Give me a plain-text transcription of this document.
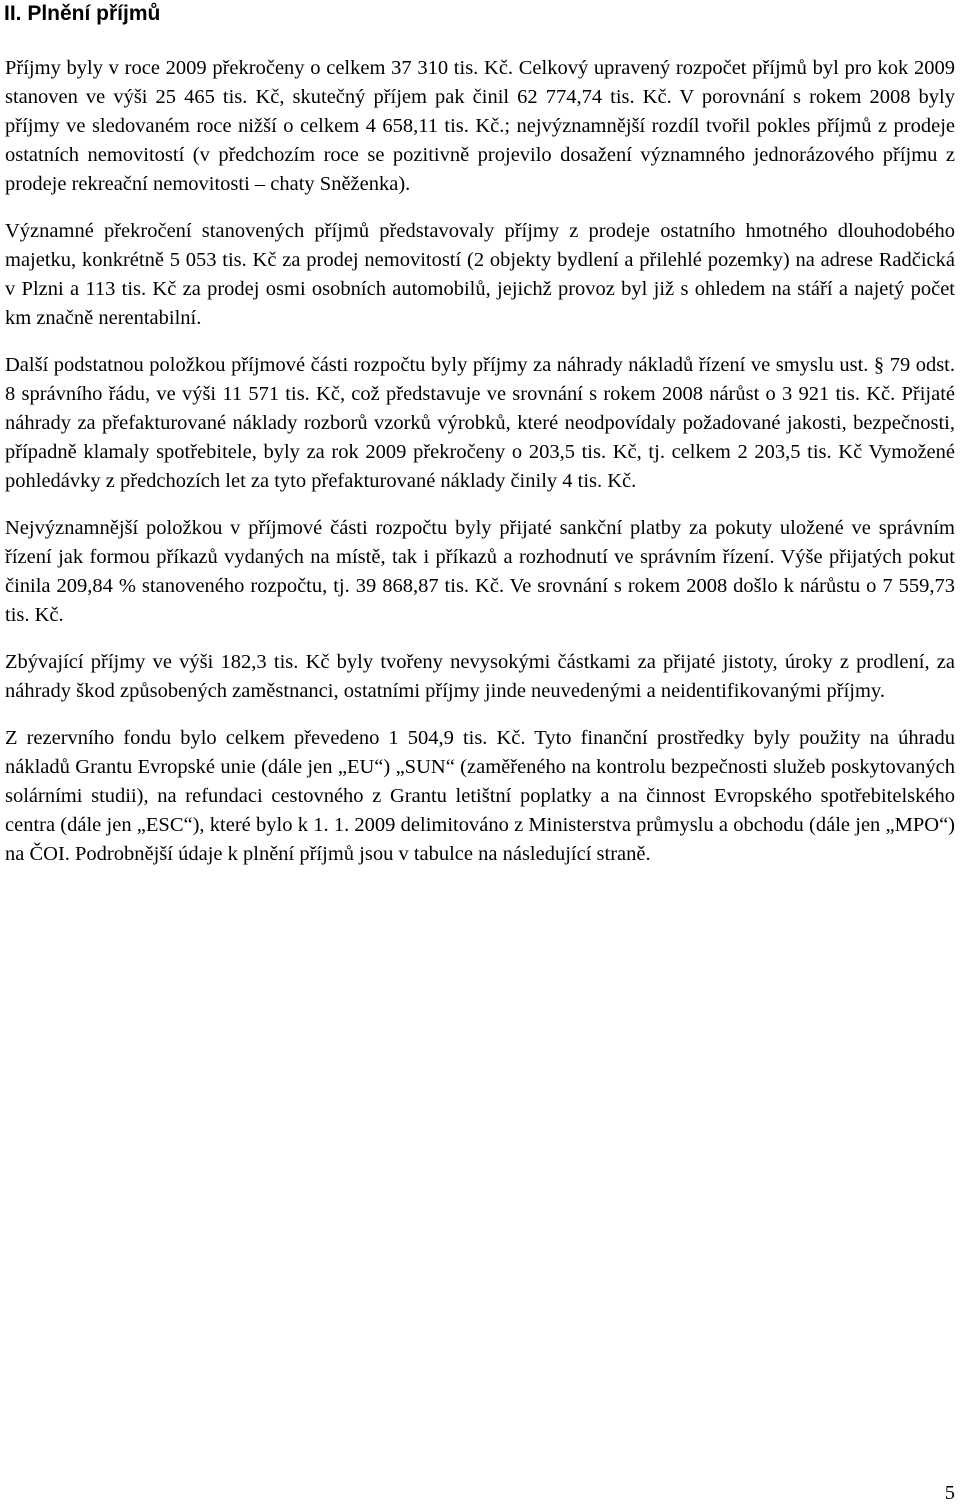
II. Plnění příjmů

Příjmy byly v roce 2009 překročeny o celkem 37 310 tis. Kč. Celkový upravený rozpočet příjmů byl pro kok 2009 stanoven ve výši 25 465 tis. Kč, skutečný příjem pak činil 62 774,74 tis. Kč. V porovnání s rokem 2008 byly příjmy ve sledovaném roce nižší o celkem 4 658,11 tis. Kč.; nejvýznamnější rozdíl tvořil pokles příjmů z prodeje ostatních nemovitostí (v předchozím roce se pozitivně projevilo dosažení významného jednorázového příjmu z prodeje rekreační nemovitosti – chaty Sněženka).

Významné překročení stanovených příjmů představovaly příjmy z prodeje ostatního hmotného dlouhodobého majetku, konkrétně 5 053 tis. Kč za prodej nemovitostí (2 objekty bydlení a přilehlé pozemky) na adrese Radčická v Plzni a 113 tis. Kč za prodej osmi osobních automobilů, jejichž provoz byl již s ohledem na stáří a najetý počet km značně nerentabilní.

Další podstatnou položkou příjmové části rozpočtu byly příjmy za náhrady nákladů řízení ve smyslu ust. § 79 odst. 8 správního řádu, ve výši 11 571 tis. Kč, což představuje ve srovnání s rokem 2008 nárůst o 3 921 tis. Kč. Přijaté náhrady za přefakturované náklady rozborů vzorků výrobků, které neodpovídaly požadované jakosti, bezpečnosti, případně klamaly spotřebitele, byly za rok 2009 překročeny o 203,5 tis. Kč, tj. celkem 2 203,5 tis. Kč Vymožené pohledávky z předchozích let za tyto přefakturované náklady činily 4 tis. Kč.

Nejvýznamnější položkou v příjmové části rozpočtu byly přijaté sankční platby za pokuty uložené ve správním řízení jak formou příkazů vydaných na místě, tak i příkazů a rozhodnutí ve správním řízení. Výše přijatých pokut činila 209,84 % stanoveného rozpočtu, tj. 39 868,87 tis. Kč. Ve srovnání s rokem 2008 došlo k nárůstu o 7 559,73 tis. Kč.

Zbývající příjmy ve výši 182,3 tis. Kč byly tvořeny nevysokými částkami za přijaté jistoty, úroky z prodlení, za náhrady škod způsobených zaměstnanci, ostatními příjmy jinde neuvedenými a neidentifikovanými příjmy.

Z rezervního fondu bylo celkem převedeno 1 504,9 tis. Kč. Tyto finanční prostředky byly použity na úhradu nákladů Grantu Evropské unie (dále jen „EU“) „SUN“ (zaměřeného na kontrolu bezpečnosti služeb poskytovaných solárními studii), na refundaci cestovného z Grantu letištní poplatky a na činnost Evropského spotřebitelského centra (dále jen „ESC“), které bylo k 1. 1. 2009 delimitováno z Ministerstva průmyslu a obchodu (dále jen „MPO“) na ČOI. Podrobnější údaje k plnění příjmů jsou v tabulce na následující straně.

5
